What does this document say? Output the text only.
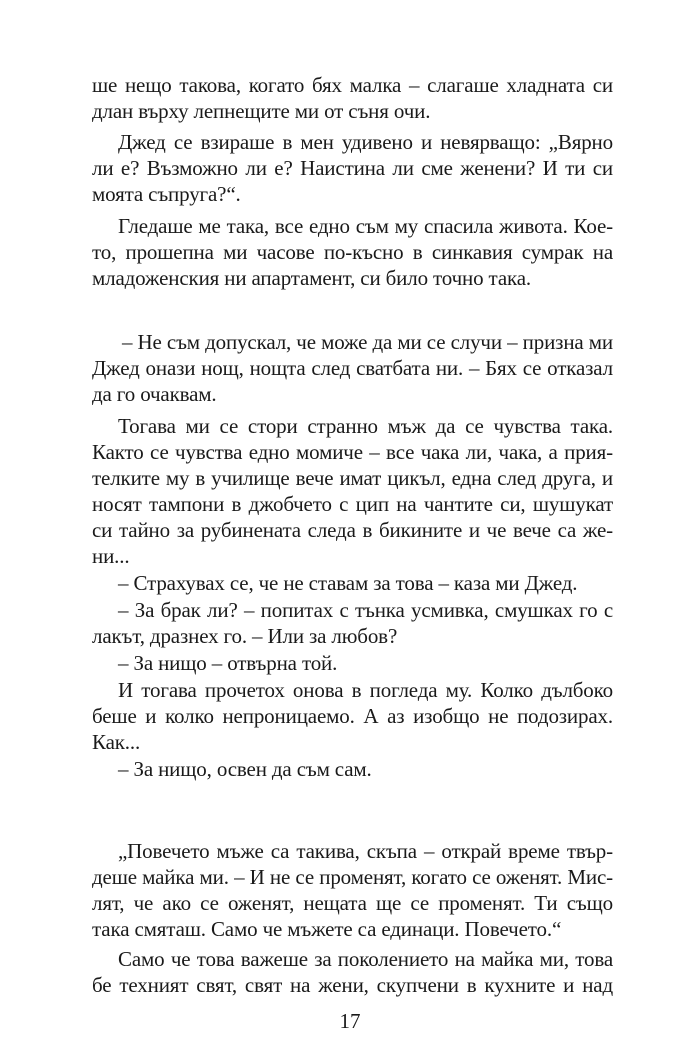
ше нещо такова, когато бях малка – слагаше хладната си
длан върху лепнещите ми от съня очи.
Джед се взираше в мен удивено и невярващо: „Вярно
ли е? Възможно ли е? Наистина ли сме женени? И ти си
моята съпруга?“.
Гледаше ме така, все едно съм му спасила живота. Кое-
то, прошепна ми часове по-късно в синкавия сумрак на
младоженския ни апартамент, си било точно така.
– Не съм допускал, че може да ми се случи – призна ми
Джед онази нощ, нощта след сватбата ни. – Бях се отказал
да го очаквам.
Тогава ми се стори странно мъж да се чувства така.
Както се чувства едно момиче – все чака ли, чака, а прия-
телките му в училище вече имат цикъл, една след друга, и
носят тампони в джобчето с цип на чантите си, шушукат
си тайно за рубинената следа в бикините и че вече са же-
ни...
– Страхувах се, че не ставам за това – каза ми Джед.
– За брак ли? – попитах с тънка усмивка, смушках го с
лакът, дразнех го. – Или за любов?
– За нищо – отвърна той.
И тогава прочетох онова в погледа му. Колко дълбоко
беше и колко непроницаемо. А аз изобщо не подозирах.
Как...
– За нищо, освен да съм сам.
„Повечето мъже са такива, скъпа – открай време твър-
деше майка ми. – И не се променят, когато се оженят. Мис-
лят, че ако се оженят, нещата ще се променят. Ти също
така смяташ. Само че мъжете са единаци. Повечето.“
Само че това важеше за поколението на майка ми, това
бе техният свят, свят на жени, скупчени в кухните и над
17
